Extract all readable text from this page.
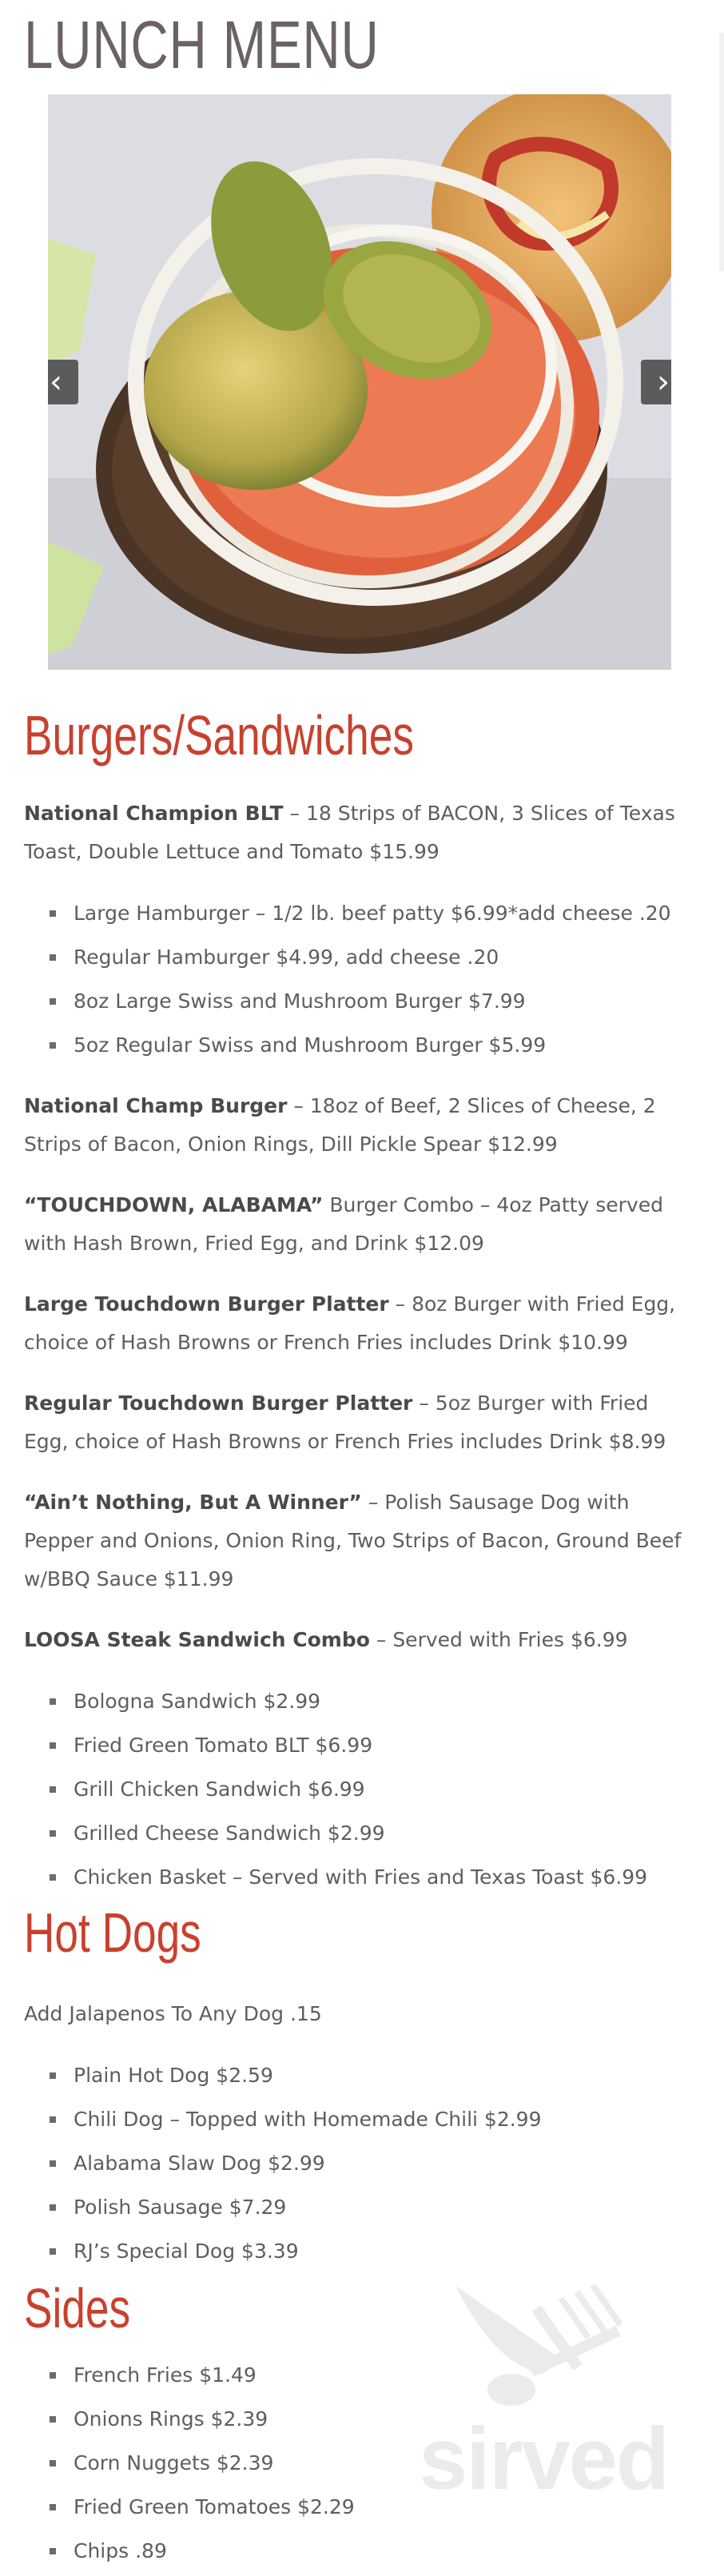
LUNCH MENU
‹	›
Burgers/Sandwiches

National Champion BLT – 18 Strips of BACON, 3 Slices of Texas Toast, Double Lettuce and Tomato $15.99

Large Hamburger – 1/2 lb. beef patty $6.99*add cheese .20
Regular Hamburger $4.99, add cheese .20
8oz Large Swiss and Mushroom Burger $7.99
5oz Regular Swiss and Mushroom Burger $5.99

National Champ Burger – 18oz of Beef, 2 Slices of Cheese, 2 Strips of Bacon, Onion Rings, Dill Pickle Spear $12.99

“TOUCHDOWN, ALABAMA” Burger Combo – 4oz Patty served with Hash Brown, Fried Egg, and Drink $12.09

Large Touchdown Burger Platter – 8oz Burger with Fried Egg, choice of Hash Browns or French Fries includes Drink $10.99

Regular Touchdown Burger Platter – 5oz Burger with Fried Egg, choice of Hash Browns or French Fries includes Drink $8.99

“Ain’t Nothing, But A Winner” – Polish Sausage Dog with Pepper and Onions, Onion Ring, Two Strips of Bacon, Ground Beef w/BBQ Sauce $11.99

LOOSA Steak Sandwich Combo – Served with Fries $6.99

Bologna Sandwich $2.99
Fried Green Tomato BLT $6.99
Grill Chicken Sandwich $6.99
Grilled Cheese Sandwich $2.99
Chicken Basket – Served with Fries and Texas Toast $6.99
Hot Dogs

Add Jalapenos To Any Dog .15

Plain Hot Dog $2.59
Chili Dog – Topped with Homemade Chili $2.99
Alabama Slaw Dog $2.99
Polish Sausage $7.29
RJ’s Special Dog $3.39
Sides
French Fries $1.49
Onions Rings $2.39
Corn Nuggets $2.39
Fried Green Tomatoes $2.29
Chips .89
sirved
